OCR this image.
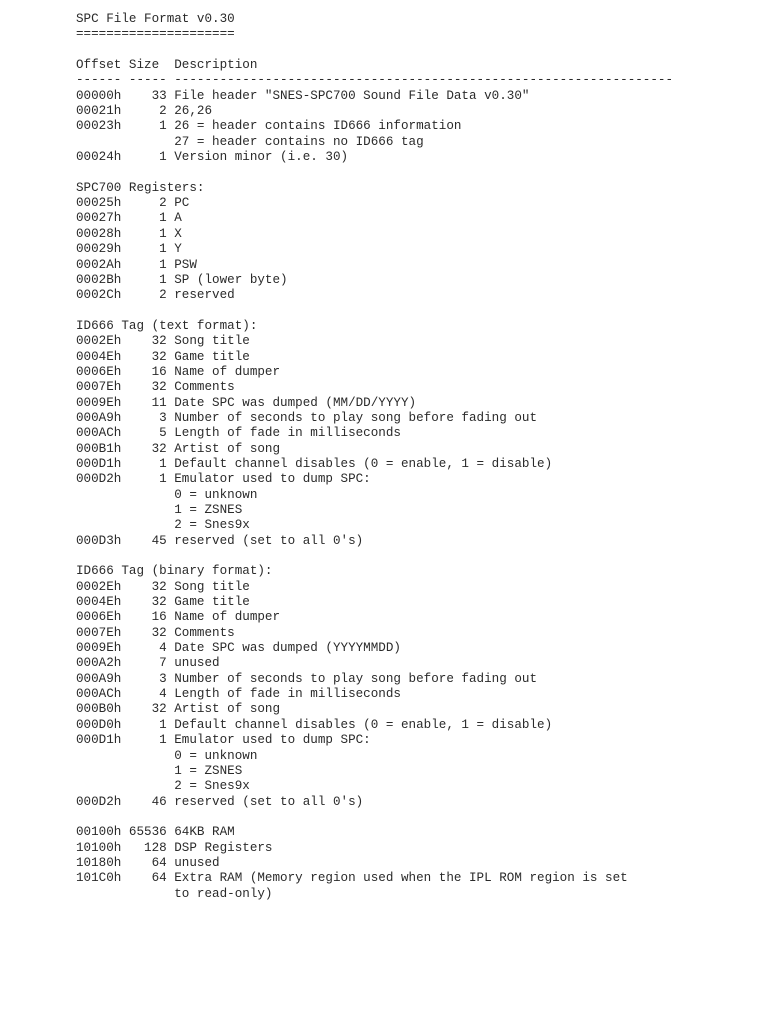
SPC File Format v0.30
=====================
Offset Size  Description
------ ----- ------------------------------------------------------------------
00000h    33 File header "SNES-SPC700 Sound File Data v0.30"
00021h     2 26,26
00023h     1 26 = header contains ID666 information
27 = header contains no ID666 tag
00024h     1 Version minor (i.e. 30)
SPC700 Registers:
00025h     2 PC
00027h     1 A
00028h     1 X
00029h     1 Y
0002Ah     1 PSW
0002Bh     1 SP (lower byte)
0002Ch     2 reserved
ID666 Tag (text format):
0002Eh    32 Song title
0004Eh    32 Game title
0006Eh    16 Name of dumper
0007Eh    32 Comments
0009Eh    11 Date SPC was dumped (MM/DD/YYYY)
000A9h     3 Number of seconds to play song before fading out
000ACh     5 Length of fade in milliseconds
000B1h    32 Artist of song
000D1h     1 Default channel disables (0 = enable, 1 = disable)
000D2h     1 Emulator used to dump SPC:
0 = unknown
1 = ZSNES
2 = Snes9x
000D3h    45 reserved (set to all 0's)
ID666 Tag (binary format):
0002Eh    32 Song title
0004Eh    32 Game title
0006Eh    16 Name of dumper
0007Eh    32 Comments
0009Eh     4 Date SPC was dumped (YYYYMMDD)
000A2h     7 unused
000A9h     3 Number of seconds to play song before fading out
000ACh     4 Length of fade in milliseconds
000B0h    32 Artist of song
000D0h     1 Default channel disables (0 = enable, 1 = disable)
000D1h     1 Emulator used to dump SPC:
0 = unknown
1 = ZSNES
2 = Snes9x
000D2h    46 reserved (set to all 0's)
00100h 65536 64KB RAM
10100h   128 DSP Registers
10180h    64 unused
101C0h    64 Extra RAM (Memory region used when the IPL ROM region is set
to read-only)
